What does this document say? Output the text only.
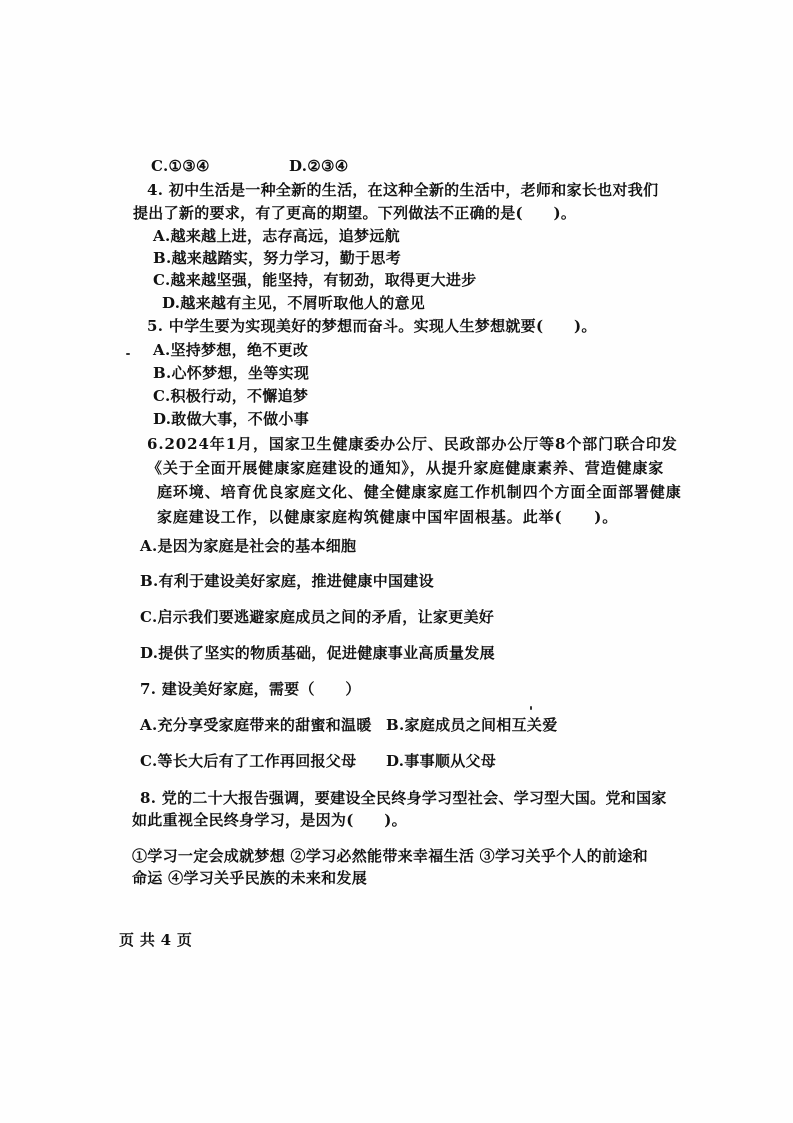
C.①③④	D.②③④
4. 初中生活是一种全新的生活，在这种全新的生活中，老师和家长也对我们
提出了新的要求，有了更高的期望。下列做法不正确的是(　　)。
A.越来越上进，志存高远，追梦远航
B.越来越踏实，努力学习，勤于思考
C.越来越坚强，能坚持，有韧劲，取得更大进步
D.越来越有主见，不屑听取他人的意见
5. 中学生要为实现美好的梦想而奋斗。实现人生梦想就要(　　)。
A.坚持梦想，绝不更改
B.心怀梦想，坐等实现
C.积极行动，不懈追梦
D.敢做大事，不做小事
6.2024年1月，国家卫生健康委办公厅、民政部办公厅等8个部门联合印发
《关于全面开展健康家庭建设的通知》，从提升家庭健康素养、营造健康家
庭环境、培育优良家庭文化、健全健康家庭工作机制四个方面全面部署健康
家庭建设工作，以健康家庭构筑健康中国牢固根基。此举(　　)。
A.是因为家庭是社会的基本细胞
B.有利于建设美好家庭，推进健康中国建设
C.启示我们要逃避家庭成员之间的矛盾，让家更美好
D.提供了坚实的物质基础，促进健康事业高质量发展
7. 建设美好家庭，需要（　　）
A.充分享受家庭带来的甜蜜和温暖 B.家庭成员之间相互关爱
C.等长大后有了工作再回报父母 D.事事顺从父母
8. 党的二十大报告强调，要建设全民终身学习型社会、学习型大国。党和国家
如此重视全民终身学习，是因为(　　)。
①学习一定会成就梦想 ②学习必然能带来幸福生活 ③学习关乎个人的前途和
命运 ④学习关乎民族的未来和发展
页 共 4 页
